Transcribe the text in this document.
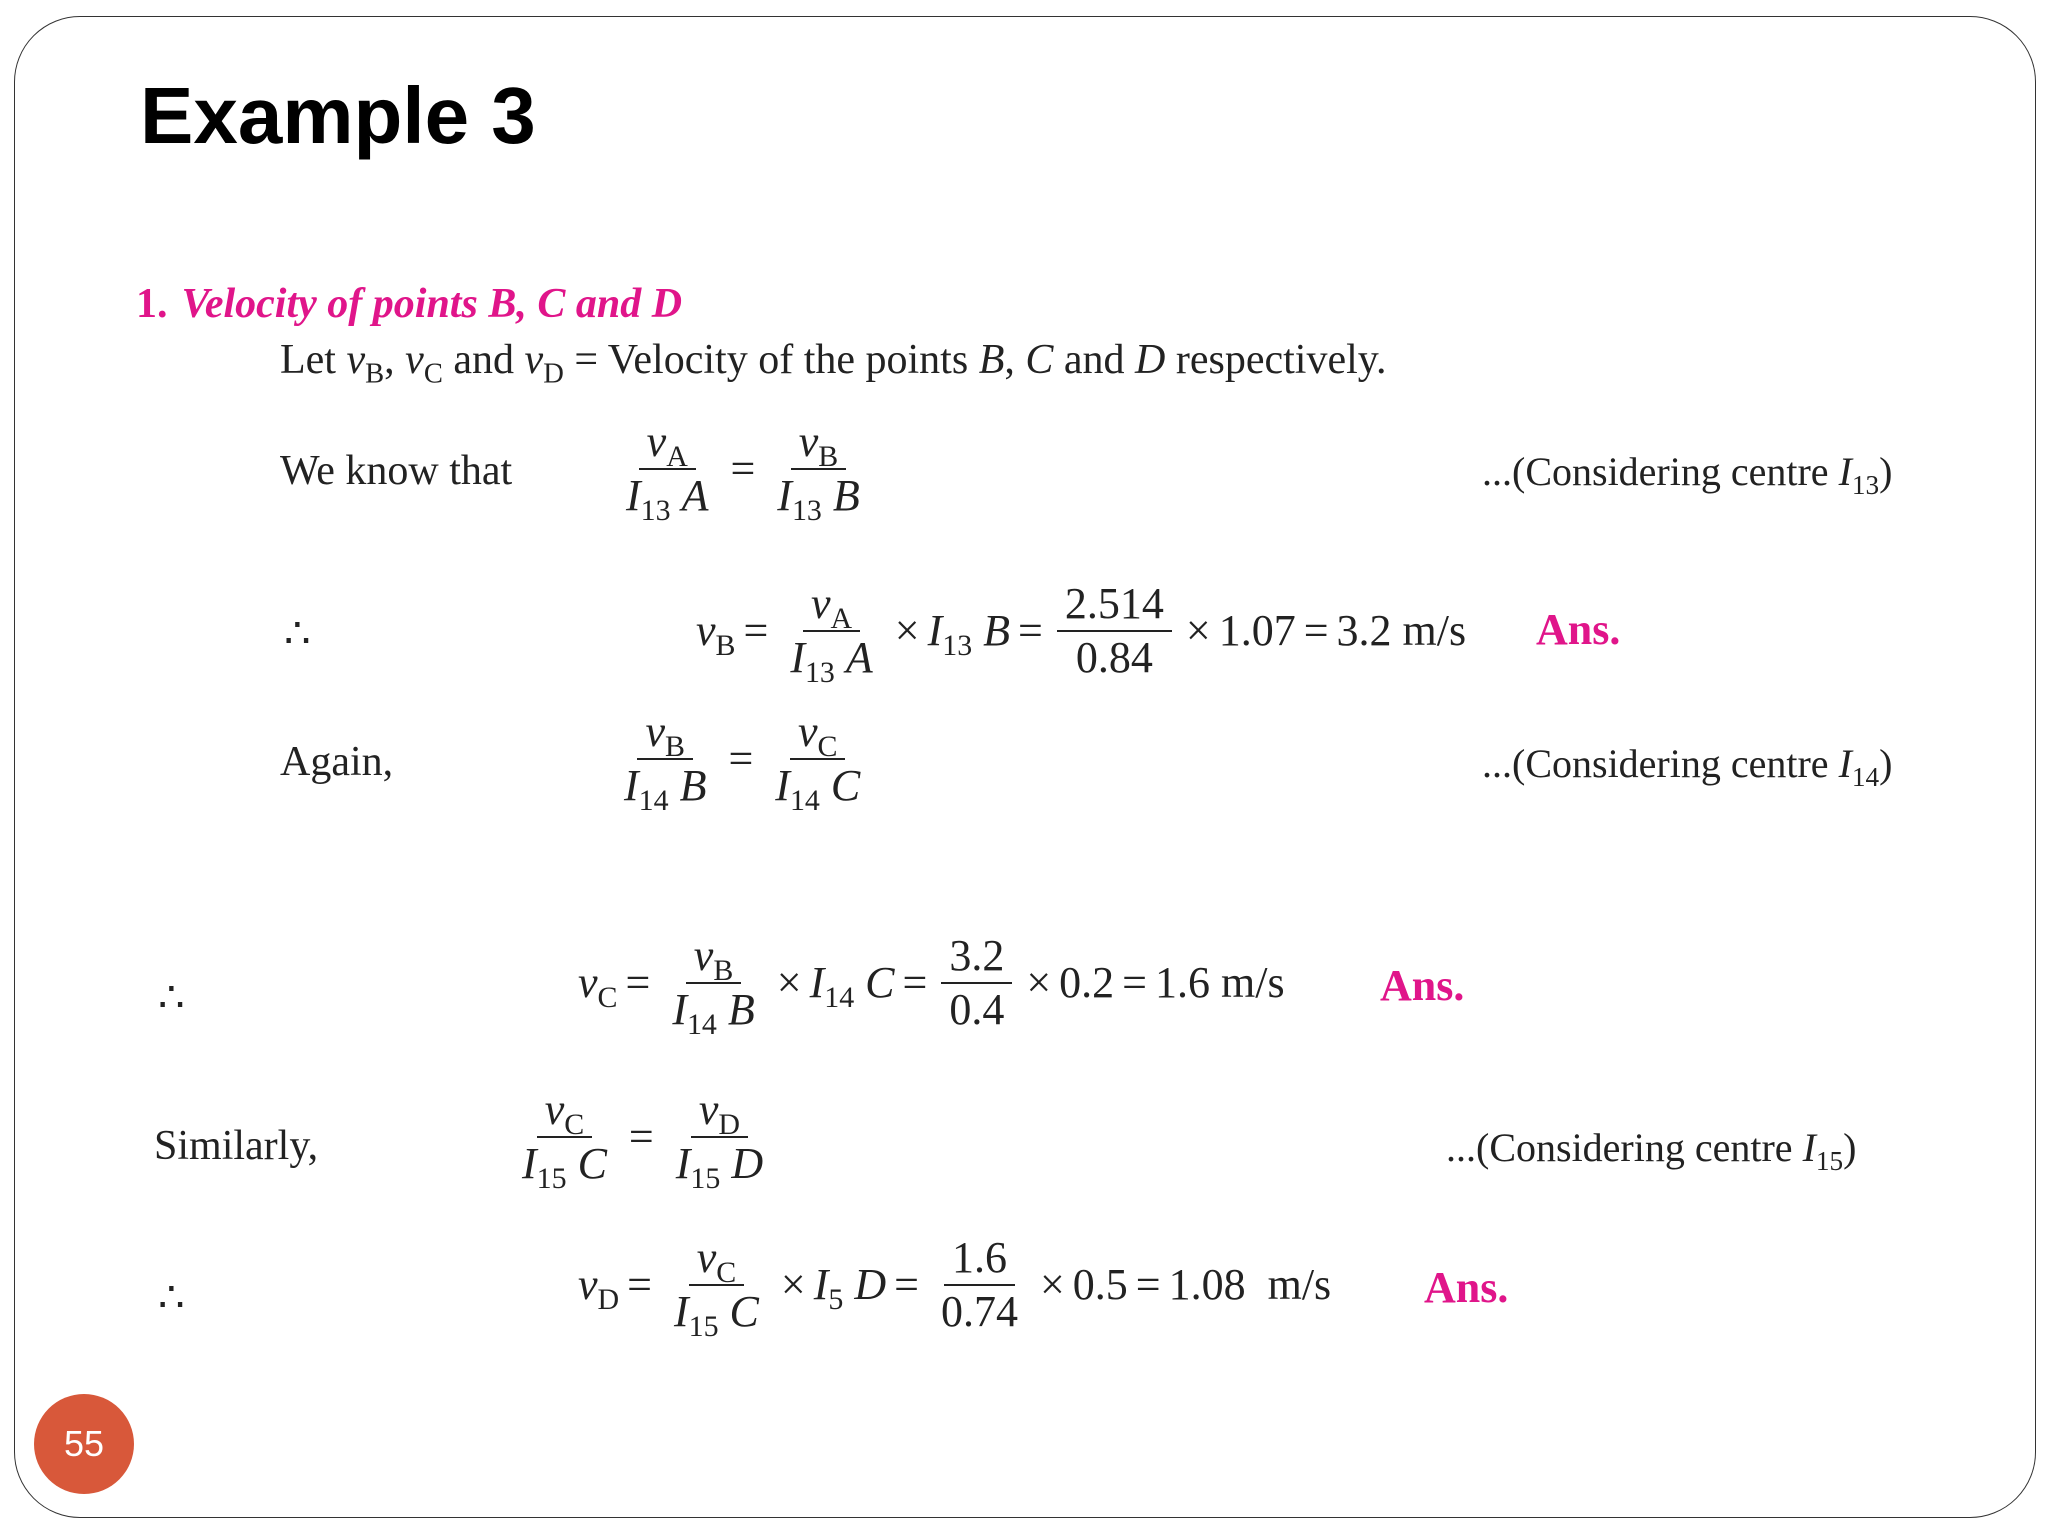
Example 3
1. Velocity of points B, C and D
Let $v_B$, $v_C$ and $v_D$ = Velocity of the points B, C and D respectively.
We know that $\frac{v_A}{I_{13} A} = \frac{v_B}{I_{13} B}$	...(Considering centre $I_{13}$)
∴	$v_B = \frac{v_A}{I_{13} A} \times I_{13}$ $B = \frac{2.514}{0.84} \times 1.07 = 3.2$ m/s Ans.
Again,	$\frac{v_B}{I_{14} B} = \frac{v_C}{I_{14} C}$	...(Considering centre $I_{14}$)
∴	$v_C = \frac{v_B}{I_{14} B} \times I_{14}$ $C = \frac{3.2}{0.4} \times 0.2 = 1.6$ m/s Ans.
Similarly,	$\frac{v_C}{I_{15} C} = \frac{v_D}{I_{15} D}$	...(Considering centre $I_{15}$)
∴	$v_D = \frac{v_C}{I_{15} C} \times I_5$ $D = \frac{1.6}{0.74} \times 0.5 = 1.08$  m/s Ans.
55
